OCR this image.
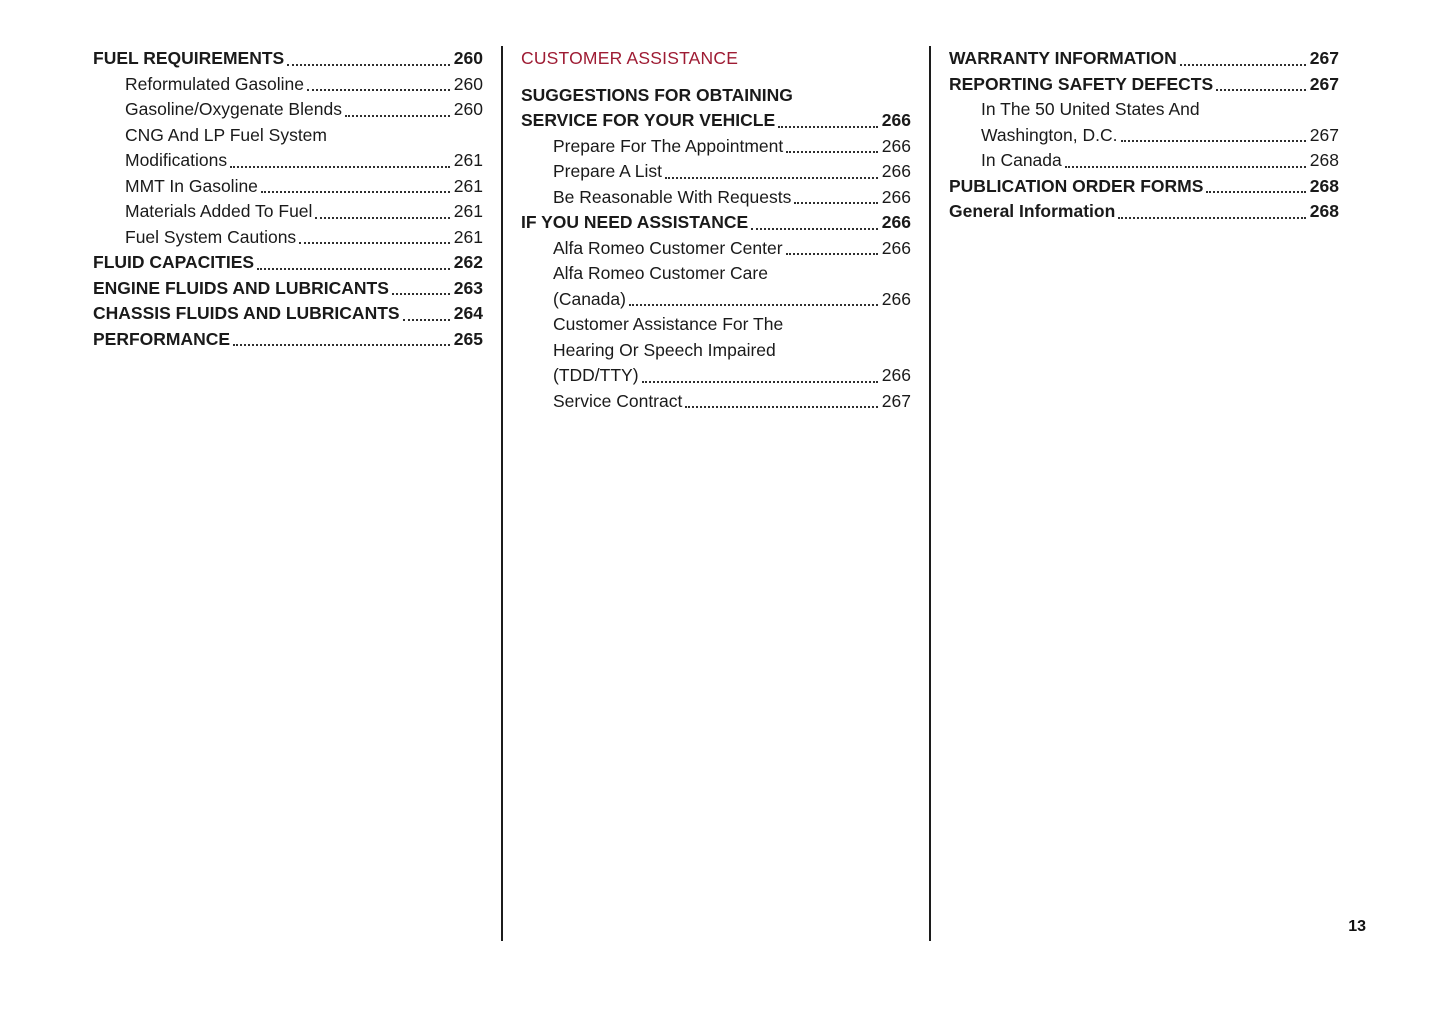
FUEL REQUIREMENTS	260
Reformulated Gasoline	260
Gasoline/Oxygenate Blends	260
CNG And LP Fuel System
Modifications	261
MMT In Gasoline	261
Materials Added To Fuel	261
Fuel System Cautions	261
FLUID CAPACITIES	262
ENGINE FLUIDS AND LUBRICANTS	263
CHASSIS FLUIDS AND LUBRICANTS	264
PERFORMANCE	265
CUSTOMER ASSISTANCE
SUGGESTIONS FOR OBTAINING
SERVICE FOR YOUR VEHICLE	266
Prepare For The Appointment	266
Prepare A List	266
Be Reasonable With Requests	266
IF YOU NEED ASSISTANCE	266
Alfa Romeo Customer Center	266
Alfa Romeo Customer Care
(Canada)	266
Customer Assistance For The
Hearing Or Speech Impaired
(TDD/TTY)	266
Service Contract	267
WARRANTY INFORMATION	267
REPORTING SAFETY DEFECTS	267
In The 50 United States And
Washington, D.C.	267
In Canada	268
PUBLICATION ORDER FORMS	268
General Information	268
13
